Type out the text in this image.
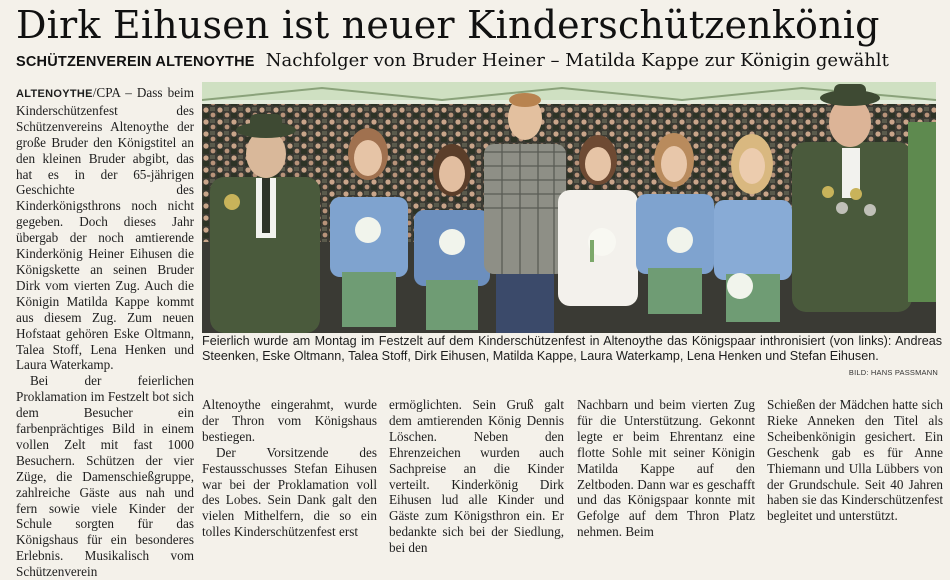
Dirk Eihusen ist neuer Kinderschützenkönig
SCHÜTZENVEREIN ALTENOYTHE Nachfolger von Bruder Heiner – Matilda Kappe zur Königin gewählt

ALTENOYTHE/CPA – Dass beim Kinderschützenfest des Schützenvereins Altenoythe der große Bruder den Königstitel an den kleinen Bruder abgibt, das hat es in der 65-jährigen Geschichte des Kinderkönigsthrons noch nicht gegeben. Doch dieses Jahr übergab der noch amtierende Kinderkönig Heiner Eihusen die Königskette an seinen Bruder Dirk vom vierten Zug. Auch die Königin Matilda Kappe kommt aus diesem Zug. Zum neuen Hofstaat gehören Eske Oltmann, Talea Stoff, Lena Henken und Laura Waterkamp.

Bei der feierlichen Proklamation im Festzelt bot sich dem Besucher ein farbenprächtiges Bild in einem vollen Zelt mit fast 1000 Besuchern. Schützen der vier Züge, die Damenschießgruppe, zahlreiche Gäste aus nah und fern sowie viele Kinder der Schule sorgten für das Königshaus für ein besonderes Erlebnis. Musikalisch vom Schützenverein

Feierlich wurde am Montag im Festzelt auf dem Kinderschützenfest in Altenoythe das Königspaar inthronisiert (von links): Andreas Steenken, Eske Oltmann, Talea Stoff, Dirk Eihusen, Matilda Kappe, Laura Waterkamp, Lena Henken und Stefan Eihusen.
BILD: HANS PASSMANN

Altenoythe eingerahmt, wurde der Thron vom Königshaus bestiegen.

Der Vorsitzende des Festausschusses Stefan Eihusen war bei der Proklamation voll des Lobes. Sein Dank galt den vielen Mithelfern, die so ein tolles Kinderschützenfest erst

ermöglichten. Sein Gruß galt dem amtierenden König Dennis Löschen. Neben den Ehrenzeichen wurden auch Sachpreise an die Kinder verteilt. Kinderkönig Dirk Eihusen lud alle Kinder und Gäste zum Königsthron ein. Er bedankte sich bei der Siedlung, bei den

Nachbarn und beim vierten Zug für die Unterstützung. Gekonnt legte er beim Ehrentanz eine flotte Sohle mit seiner Königin Matilda Kappe auf den Zeltboden. Dann war es geschafft und das Königspaar konnte mit Gefolge auf dem Thron Platz nehmen. Beim

Schießen der Mädchen hatte sich Rieke Anneken den Titel als Scheibenkönigin gesichert. Ein Geschenk gab es für Anne Thiemann und Ulla Lübbers von der Grundschule. Seit 40 Jahren haben sie das Kinderschützenfest begleitet und unterstützt.
